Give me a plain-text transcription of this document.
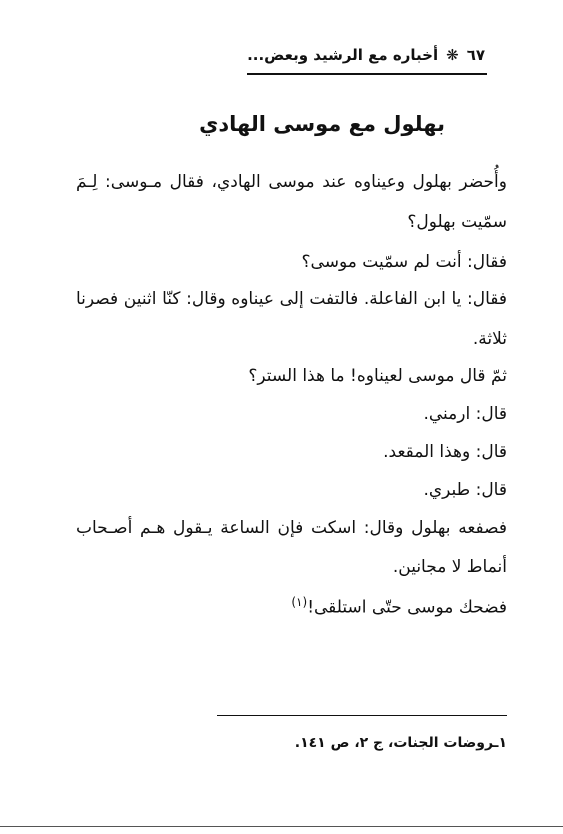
٦٧
❋
أخباره مع الرشيد وبعض...
بهلول مع موسى الهادي
وأُحضر بهلول وعيناوه عند موسى الهادي، فقال مـوسى: لِـمَ
سمّيت بهلول؟
فقال: أنت لم سمّيت موسى؟
فقال: يا ابن الفاعلة. فالتفت إلى عيناوه وقال: كنّا اثنين فصرنا
ثلاثة.
ثمّ قال موسى لعيناوه! ما هذا الستر؟
قال: ارمني.
قال: وهذا المقعد.
قال: طبري.
فصفعه بهلول وقال: اسكت فإن الساعة يـقول هـم أصـحاب
أنماط لا مجانين.
فضحك موسى حتّى استلقى!$^{(١)}$
١ـروضات الجنات، ج ٢، ص ١٤١.
